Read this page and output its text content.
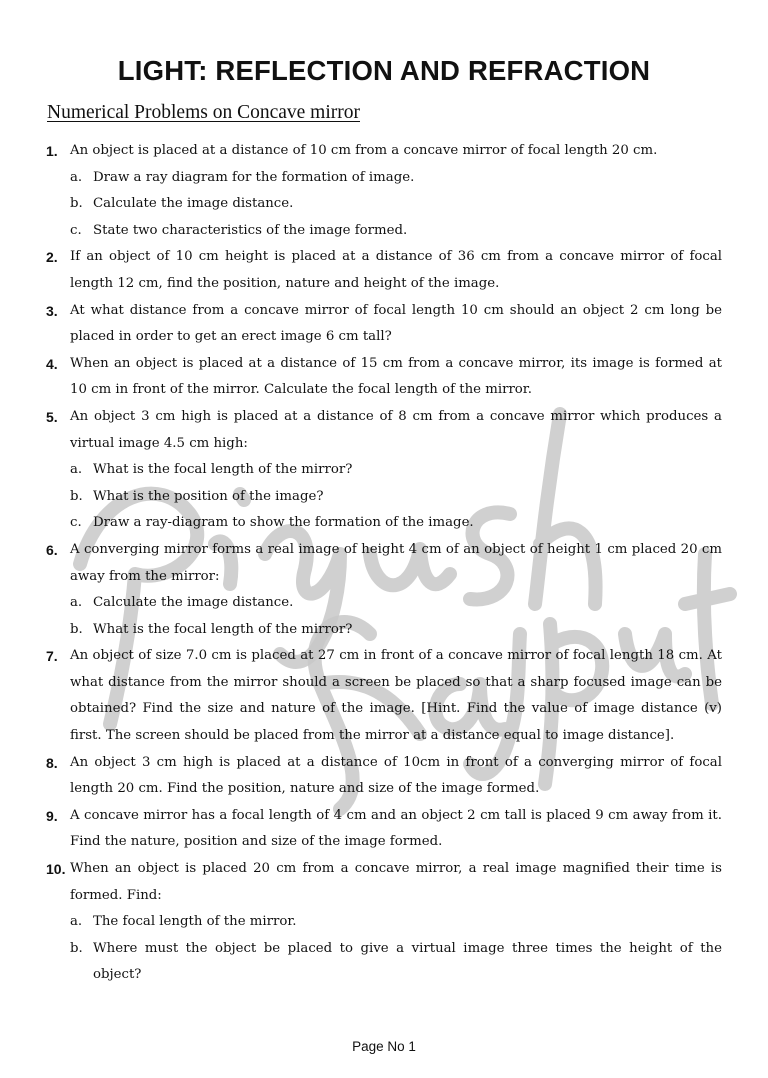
LIGHT: REFLECTION AND REFRACTION
Numerical Problems on Concave mirror
1. An object is placed at a distance of 10 cm from a concave mirror of focal length 20 cm.
a. Draw a ray diagram for the formation of image.
b. Calculate the image distance.
c. State two characteristics of the image formed.
2. If an object of 10 cm height is placed at a distance of 36 cm from a concave mirror of focal length 12 cm, find the position, nature and height of the image.
3. At what distance from a concave mirror of focal length 10 cm should an object 2 cm long be placed in order to get an erect image 6 cm tall?
4. When an object is placed at a distance of 15 cm from a concave mirror, its image is formed at 10 cm in front of the mirror. Calculate the focal length of the mirror.
5. An object 3 cm high is placed at a distance of 8 cm from a concave mirror which produces a virtual image 4.5 cm high:
a. What is the focal length of the mirror?
b. What is the position of the image?
c. Draw a ray-diagram to show the formation of the image.
6. A converging mirror forms a real image of height 4 cm of an object of height 1 cm placed 20 cm away from the mirror:
a. Calculate the image distance.
b. What is the focal length of the mirror?
7. An object of size 7.0 cm is placed at 27 cm in front of a concave mirror of focal length 18 cm. At what distance from the mirror should a screen be placed so that a sharp focused image can be obtained? Find the size and nature of the image. [Hint. Find the value of image distance (v) first. The screen should be placed from the mirror at a distance equal to image distance].
8. An object 3 cm high is placed at a distance of 10cm in front of a converging mirror of focal length 20 cm. Find the position, nature and size of the image formed.
9. A concave mirror has a focal length of 4 cm and an object 2 cm tall is placed 9 cm away from it. Find the nature, position and size of the image formed.
10. When an object is placed 20 cm from a concave mirror, a real image magnified their time is formed. Find:
a. The focal length of the mirror.
b. Where must the object be placed to give a virtual image three times the height of the object?
Page No 1
